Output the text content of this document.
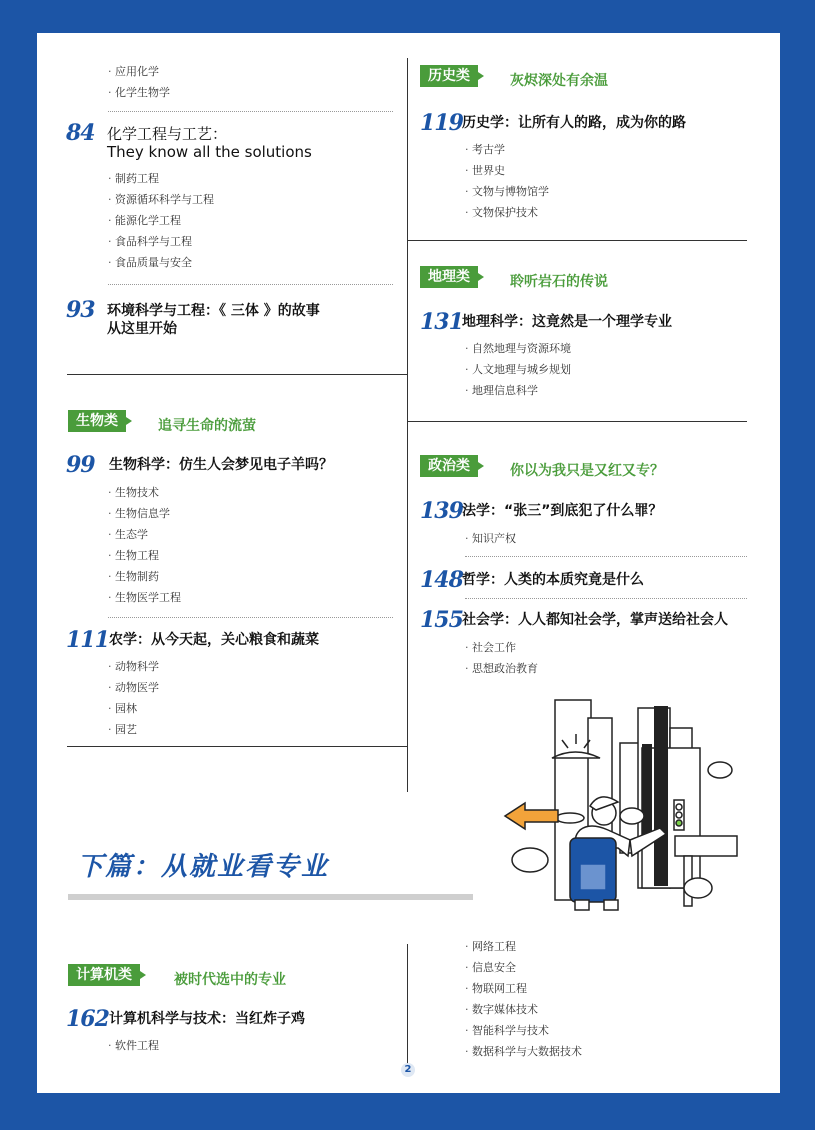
· 应用化学
· 化学生物学
84 化学工程与工艺：
They know all the solutions
· 制药工程
· 资源循环科学与工程
· 能源化学工程
· 食品科学与工程
· 食品质量与安全
93 环境科学与工程：《 三体 》的故事
从这里开始
生物类	追寻生命的流萤
99 生物科学：仿生人会梦见电子羊吗？
· 生物技术
· 生物信息学
· 生态学
· 生物工程
· 生物制药
· 生物医学工程
111 农学：从今天起，关心粮食和蔬菜
· 动物科学
· 动物医学
· 园林
· 园艺
历史类	灰烬深处有余温
119 历史学：让所有人的路，成为你的路
· 考古学
· 世界史
· 文物与博物馆学
· 文物保护技术
地理类	聆听岩石的传说
131 地理科学：这竟然是一个理学专业
· 自然地理与资源环境
· 人文地理与城乡规划
· 地理信息科学
政治类	你以为我只是又红又专？
139 法学：“张三”到底犯了什么罪？
· 知识产权
148 哲学：人类的本质究竟是什么
155 社会学：人人都知社会学，掌声送给社会人
· 社会工作
· 思想政治教育
下篇：从就业看专业
计算机类	被时代选中的专业
162 计算机科学与技术：当红炸子鸡
· 软件工程
· 网络工程
· 信息安全
· 物联网工程
· 数字媒体技术
· 智能科学与技术
· 数据科学与大数据技术
2
